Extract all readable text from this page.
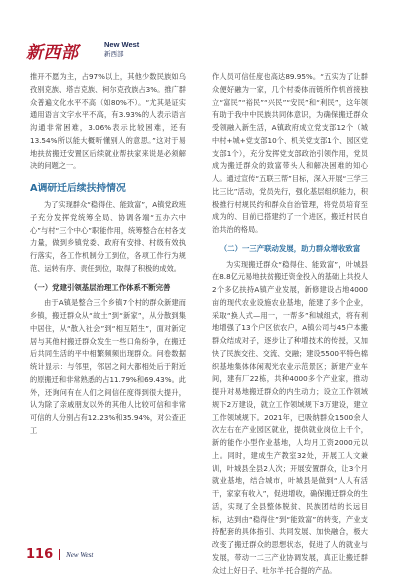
新西部	New West
新西部

推开不愿为主，占97%以上，其他少数民族如乌孜别克族、塔吉克族、柯尔克孜族占3%。推广群众普遍文化水平不高（如80%不）。“尤其是证实通用语言文字水平不高，有3.93%的人表示语言沟通非常困难，3.06%表示比较困难，还有13.54%所以能大概听懂别人的意思。”这对于易地扶贫搬迁安置区后续就业帮扶家来说是必须解决的问题之一。

A调研迁后续扶持情况

为了实现群众“稳得住、能致富”，A镇党政班子充分发挥党统筹全局、协调各端“五办六中心”与村“三个中心”职能作用，统筹整合在村各支力量，做到乡镇党委、政府有安排、村级有效执行落实，各工作机制分工到位，各项工作行为规范、运转有序、责任到位，取得了积极的成效。

（一）党建引领基层治理工作体系不断完善

由于A镇是整合三个乡镇7个村的群众新建而乡镇，搬迁群众从“故土”到“新家”，从分散到集中居住，从“散入社会”到“相互陌生”，面对新定居与其他村搬迁群众发生一些口角纷争，在搬迁后共同生活的平中相繁频频出现群众。问卷数据统计显示：与邻里，邻居之间大都相处后于附近的原搬迁和非常熟悉的占11.79%和69.43%。此外，还询问有在人们之间信任度得到很大提升，认为除了亲戚朋友以外的其他人比较可信和非常可信的人分别占有12.23%和35.94%，对公查正工

作人员可信任度也高达89.95%。“五实为了让群众便好融为一家，几个村委体而链所作机首接独立“富民”“裕民”“兴民”“安民”和“利民”，这年领有助于我中中民族共同体意识，为确保搬迁群众受领融入新生活，A镇政府成立党支部12个（城中村+城+党支部10个、机关党支部1个、园区党支部1个），充分发挥党支部政治引领作用，党员成为搬迁群众的致富带头人和解决困难的知心人。通过宣传“五联三帮”目标，深入开展“三学三比三比”活动，党员先行，强化基层组织能力，积极推行村规民约和群众自治管理，将党员培育至成为的、目前已搭建约了一个进区，搬迁村民自治共治的格局。

（二）一三产联动发展，助力群众增收致富

为实现搬迁群众“稳得住、能致富”，叶城县在8.8亿元易地扶贫搬迁资金投入的基础上共投人2个多亿扶持A镇产业发展，新修建设占地4000亩的现代农业设施农业基地，能建了多个企业，采取“换人式—用一，一帮多”和城组式，将有利地增强了13个户区依农户，A镇公司与45户本搬群众结成对子，逐步让了种增技术的传授，又加快了民族交往、交流、交融；建设5500平特色棉织基地集体体闲观光农业示范景区；新建产业车间，建有厂22栋，共种4000多个产业家，推动提升对易地搬迁群众的内生动力；设立工作领域规下2万建设，就立工作领域规下3万建设，建立工作领域规下。2021年，已吸纳群众1500余人次左右在产业园区就业，提供就业岗位上千个，新的能作小型作业基地，人均月工资2000元以上。同时，建成生产教室32处，开展工人文兼训，叶城县全县2人次；开展安置群众，让3个月就业基地，结合城市，叶城县是做到“人人有活干，家家有收入”，促进增收，确保搬迁群众的生活，实现了全县整体脱贫、民族团结的长远目标，达到由“稳得住”到“能致富”的转变，产业支持配套的具体指引、共同发展、加快融合，极大改变了搬迁群众的思想状态，促进了人的就业与发展，带动一二三产业协调发展，真正让搬迁群众过上好日子、吐尔羊·托合提的产品。

116 New West
